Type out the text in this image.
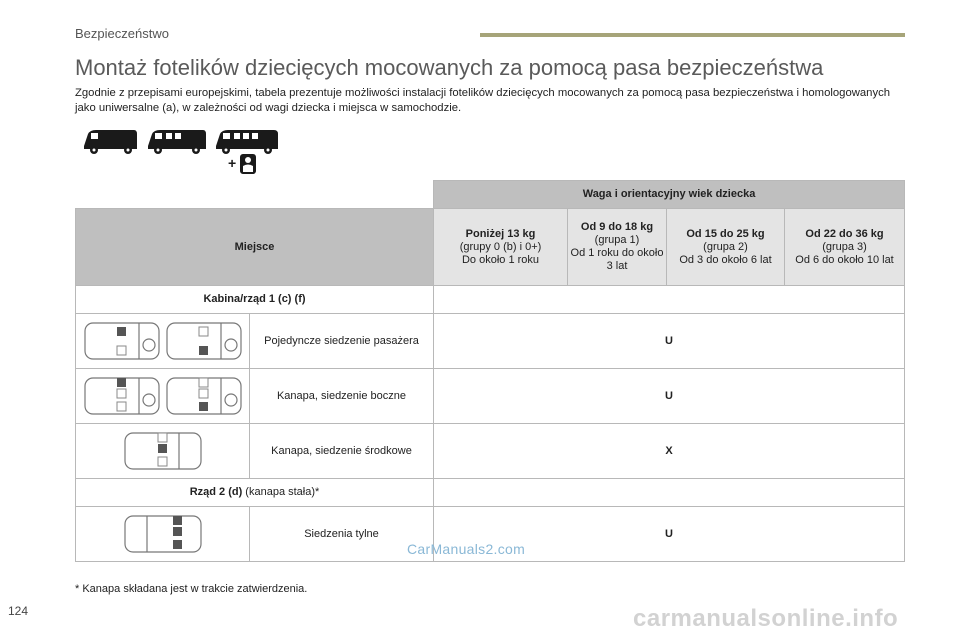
Bezpieczeństwo
Montaż fotelików dziecięcych mocowanych za pomocą pasa bezpieczeństwa
Zgodnie z przepisami europejskimi, tabela prezentuje możliwości instalacji fotelików dziecięcych mocowanych za pomocą pasa bezpieczeństwa i homologowanych jako uniwersalne (a), w zależności od wagi dziecka i miejsca w samochodzie.
+
		Waga i orientacyjny wiek dziecka			
Miejsce		Poniżej 13 kg
(grupy 0 (b) i 0+)
Do około 1 roku	Od 9 do 18 kg
(grupa 1)
Od 1 roku do około 3 lat	Od 15 do 25 kg
(grupa 2)
Od 3 do około 6 lat	Od 22 do 36 kg
(grupa 3)
Od 6 do około 10 lat
Kabina/rząd 1 (c) (f)					

	Pojedyncze siedzenie pasażera	U			

	Kanapa, siedzenie boczne	U			

	Kanapa, siedzenie środkowe	X			
Rząd 2 (d) (kanapa stała)*					

	Siedzenia tylne	U			
* Kanapa składana jest w trakcie zatwierdzenia.
124
CarManuals2.com
carmanualsonline.info
